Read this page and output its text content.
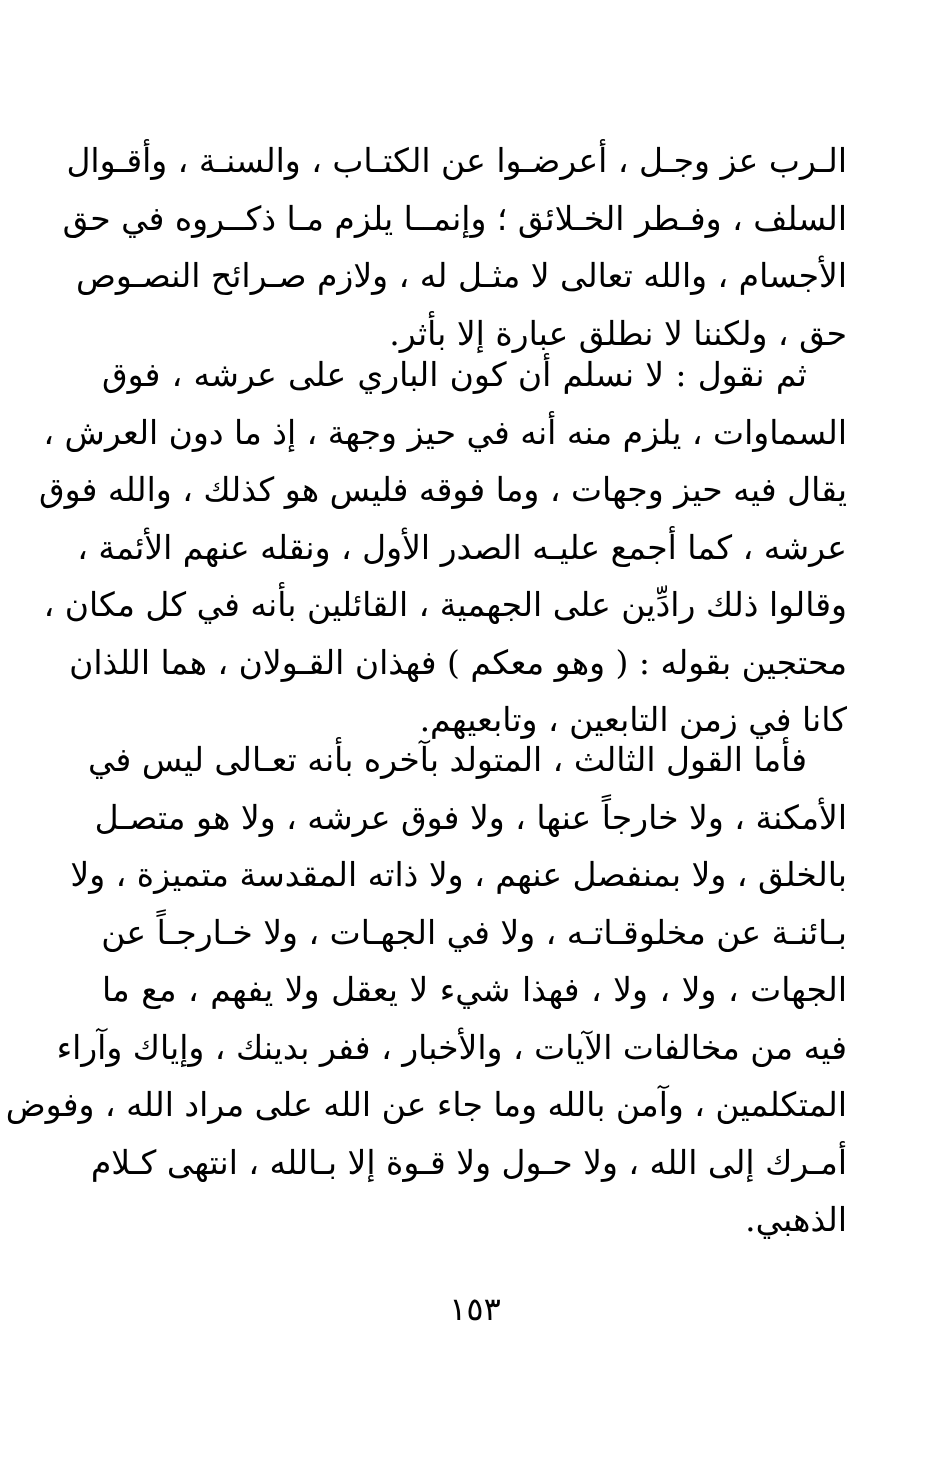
الـرب عز وجـل ، أعرضـوا عن الكتـاب ، والسنـة ، وأقـوال
السلف ، وفـطر الخـلائق ؛ وإنمــا يلزم مـا ذكــروه في حق
الأجسام ، والله تعالى لا مثـل له ، ولازم صـرائح النصـوص
حق ، ولكننا لا نطلق عبارة إلا بأثر.
ثم نقول : لا نسلم أن كون الباري على عرشه ، فوق
السماوات ، يلزم منه أنه في حيز وجهة ، إذ ما دون العرش ،
يقال فيه حيز وجهات ، وما فوقه فليس هو كذلك ، والله فوق
عرشه ، كما أجمع عليـه الصدر الأول ، ونقله عنهم الأئمة ،
وقالوا ذلك رادِّين على الجهمية ، القائلين بأنه في كل مكان ،
محتجين بقوله : ( وهو معكم ) فهذان القـولان ، هما اللذان
كانا في زمن التابعين ، وتابعيهم.
فأما القول الثالث ، المتولد بآخره بأنه تعـالى ليس في
الأمكنة ، ولا خارجاً عنها ، ولا فوق عرشه ، ولا هو متصـل
بالخلق ، ولا بمنفصل عنهم ، ولا ذاته المقدسة متميزة ، ولا
بـائنـة عن مخلوقـاتـه ، ولا في الجهـات ، ولا خـارجـاً عن
الجهات ، ولا ، ولا ، فهذا شيء لا يعقل ولا يفهم ، مع ما
فيه من مخالفات الآيات ، والأخبار ، ففر بدينك ، وإياك وآراء
المتكلمين ، وآمن بالله وما جاء عن الله على مراد الله ، وفوض
أمـرك إلى الله ، ولا حـول ولا قـوة إلا بـالله ، انتهى كـلام
الذهبي.
١٥٣
